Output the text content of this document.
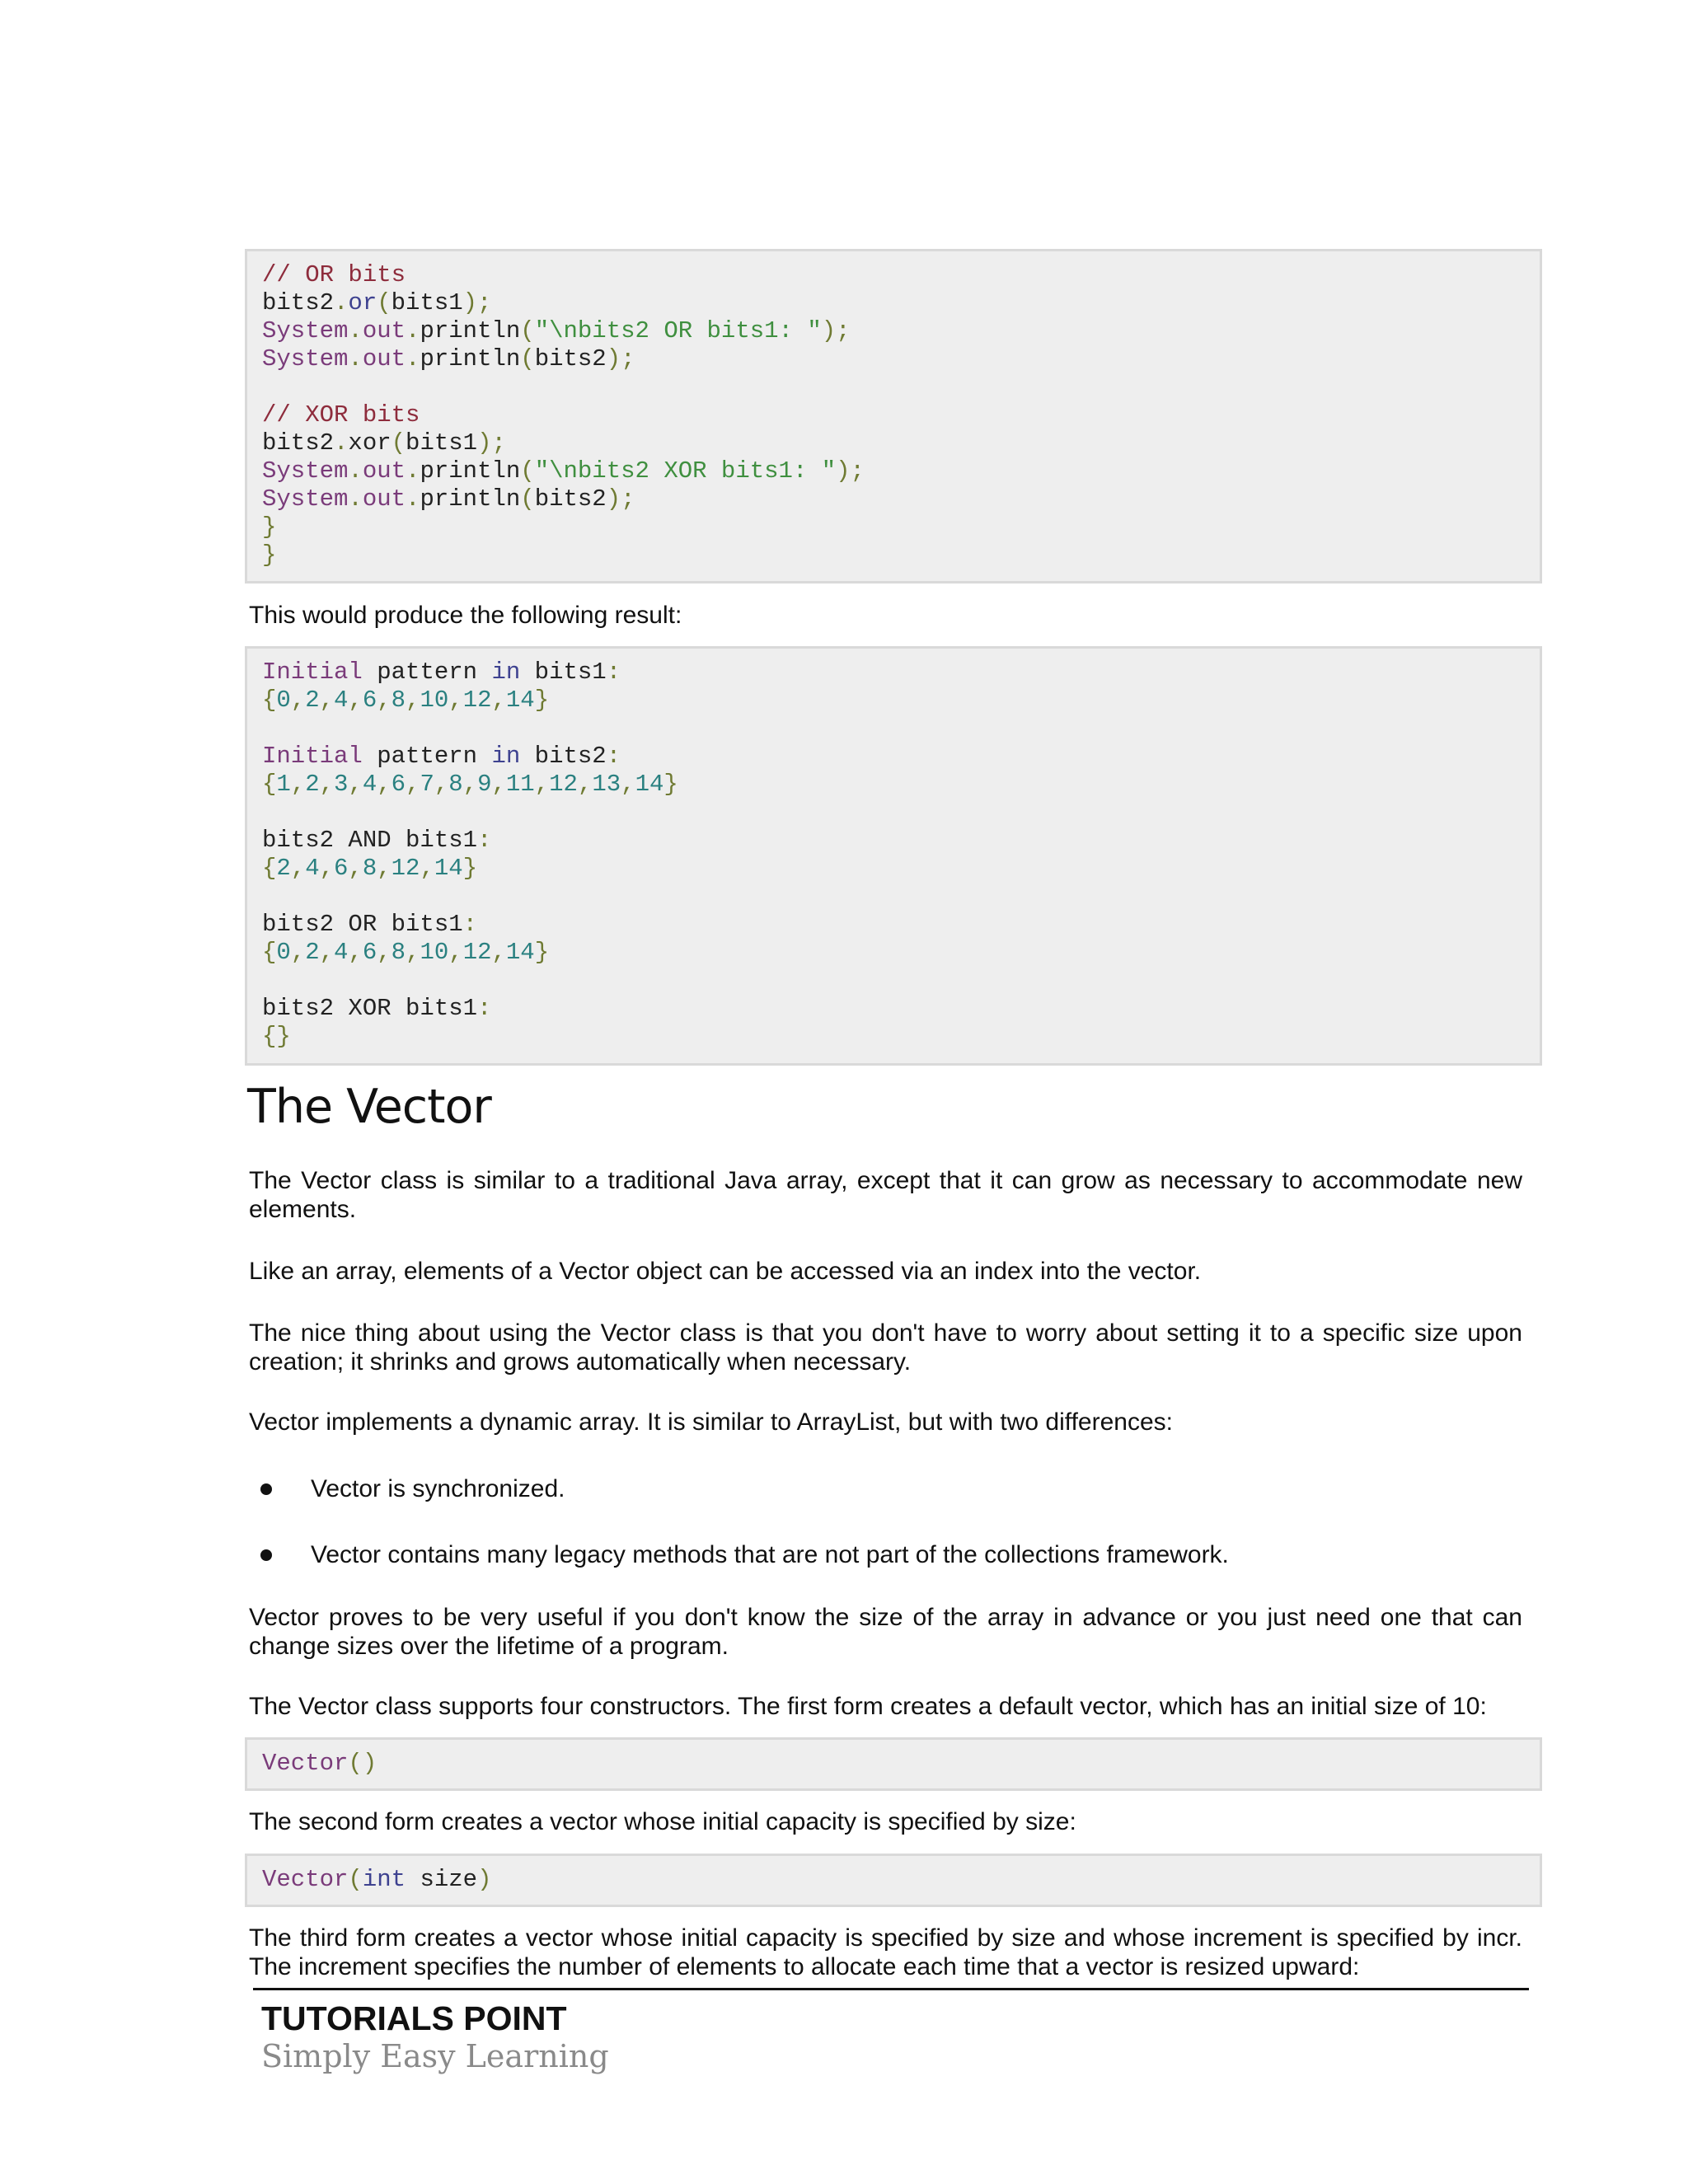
// OR bits
bits2.or(bits1);
System.out.println("\nbits2 OR bits1: ");
System.out.println(bits2);

// XOR bits
bits2.xor(bits1);
System.out.println("\nbits2 XOR bits1: ");
System.out.println(bits2);
}
}
This would produce the following result:
Initial pattern in bits1:
{0,2,4,6,8,10,12,14}

Initial pattern in bits2:
{1,2,3,4,6,7,8,9,11,12,13,14}

bits2 AND bits1:
{2,4,6,8,12,14}

bits2 OR bits1:
{0,2,4,6,8,10,12,14}

bits2 XOR bits1:
{}
The Vector
The Vector class is similar to a traditional Java array, except that it can grow as necessary to accommodate new elements.
Like an array, elements of a Vector object can be accessed via an index into the vector.
The nice thing about using the Vector class is that you don't have to worry about setting it to a specific size upon creation; it shrinks and grows automatically when necessary.
Vector implements a dynamic array. It is similar to ArrayList, but with two differences:
Vector is synchronized.
Vector contains many legacy methods that are not part of the collections framework.
Vector proves to be very useful if you don't know the size of the array in advance or you just need one that can change sizes over the lifetime of a program.
The Vector class supports four constructors. The first form creates a default vector, which has an initial size of 10:
Vector()
The second form creates a vector whose initial capacity is specified by size:
Vector(int size)
The third form creates a vector whose initial capacity is specified by size and whose increment is specified by incr. The increment specifies the number of elements to allocate each time that a vector is resized upward:
TUTORIALS POINT
Simply Easy Learning
